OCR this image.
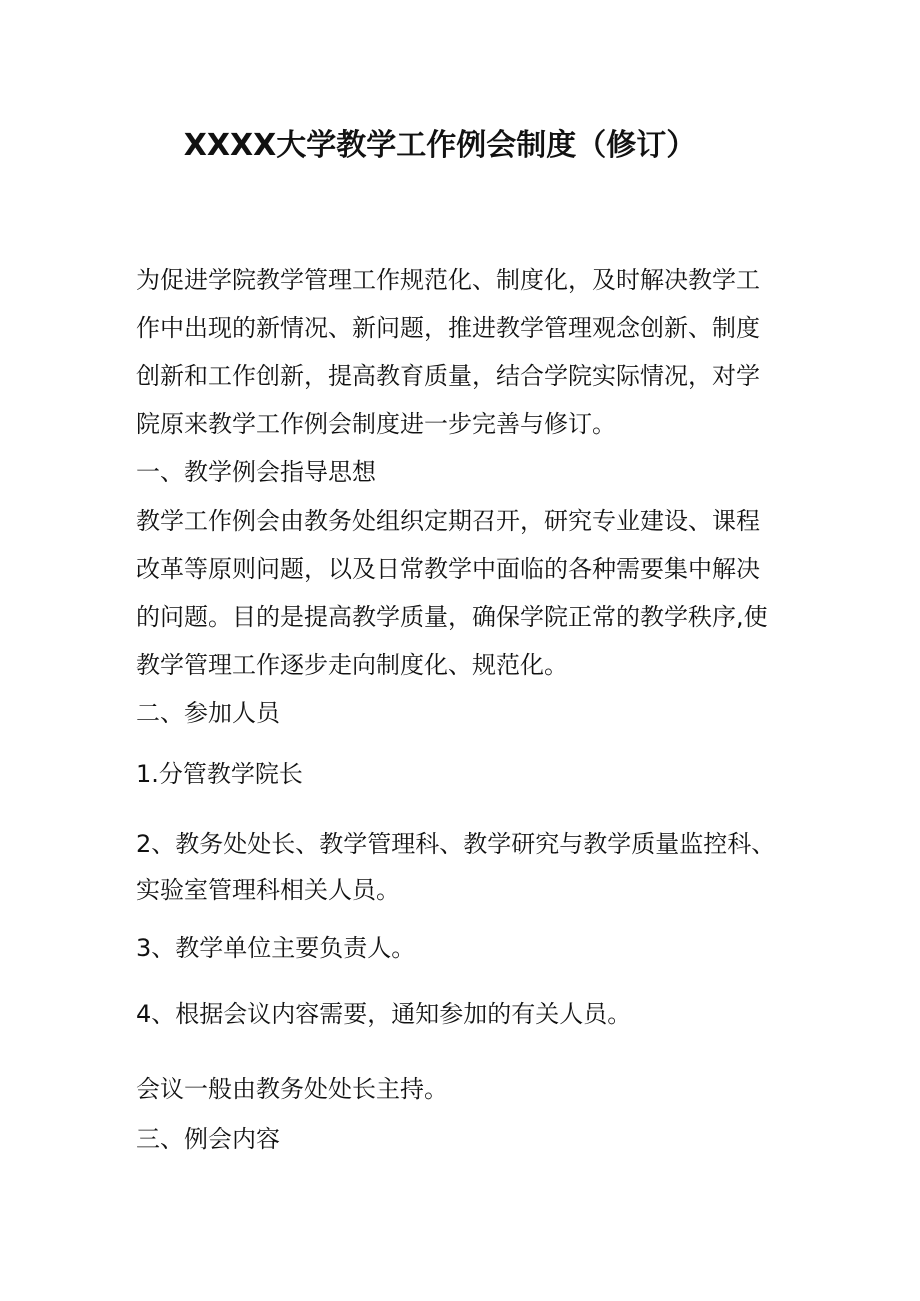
XXXX大学教学工作例会制度（修订）
为促进学院教学管理工作规范化、制度化，及时解决教学工
作中出现的新情况、新问题，推进教学管理观念创新、制度
创新和工作创新，提高教育质量，结合学院实际情况，对学
院原来教学工作例会制度进一步完善与修订。
一、教学例会指导思想
教学工作例会由教务处组织定期召开，研究专业建设、课程
改革等原则问题，以及日常教学中面临的各种需要集中解决
的问题。目的是提高教学质量，确保学院正常的教学秩序,使
教学管理工作逐步走向制度化、规范化。
二、参加人员
1.分管教学院长
2、教务处处长、教学管理科、教学研究与教学质量监控科、
实验室管理科相关人员。
3、教学单位主要负责人。
4、根据会议内容需要，通知参加的有关人员。
会议一般由教务处处长主持。
三、例会内容
